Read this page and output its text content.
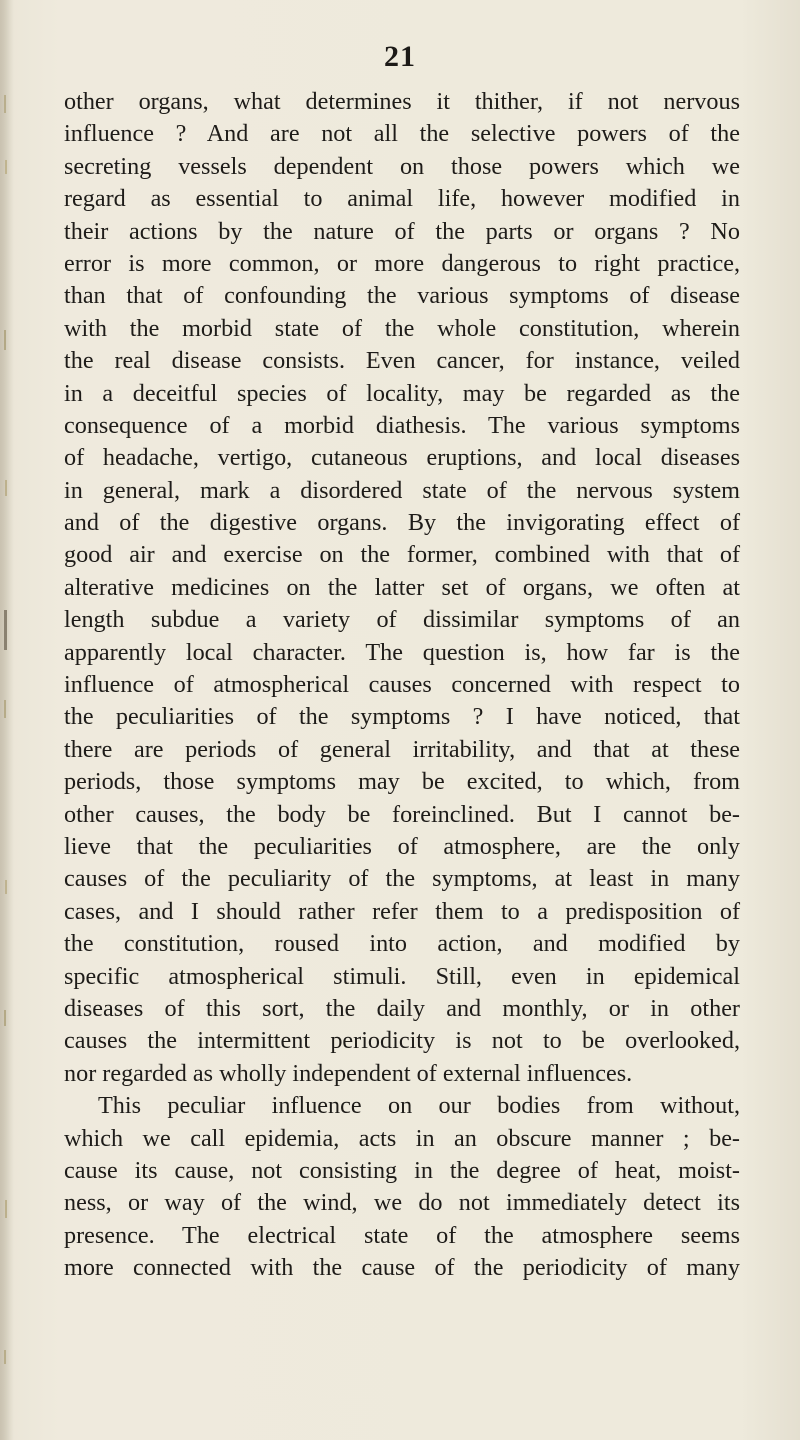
21
other organs, what determines it thither, if not nervous
influence ? And are not all the selective powers of the
secreting vessels dependent on those powers which we
regard as essential to animal life, however modified in
their actions by the nature of the parts or organs ? No
error is more common, or more dangerous to right practice,
than that of confounding the various symptoms of disease
with the morbid state of the whole constitution, wherein
the real disease consists. Even cancer, for instance, veiled
in a deceitful species of locality, may be regarded as the
consequence of a morbid diathesis. The various symptoms
of headache, vertigo, cutaneous eruptions, and local diseases
in general, mark a disordered state of the nervous system
and of the digestive organs. By the invigorating effect of
good air and exercise on the former, combined with that of
alterative medicines on the latter set of organs, we often at
length subdue a variety of dissimilar symptoms of an
apparently local character. The question is, how far is the
influence of atmospherical causes concerned with respect to
the peculiarities of the symptoms ? I have noticed, that
there are periods of general irritability, and that at these
periods, those symptoms may be excited, to which, from
other causes, the body be foreinclined. But I cannot be-
lieve that the peculiarities of atmosphere, are the only
causes of the peculiarity of the symptoms, at least in many
cases, and I should rather refer them to a predisposition of
the constitution, roused into action, and modified by
specific atmospherical stimuli. Still, even in epidemical
diseases of this sort, the daily and monthly, or in other
causes the intermittent periodicity is not to be overlooked,
nor regarded as wholly independent of external influences.
This peculiar influence on our bodies from without,
which we call epidemia, acts in an obscure manner ; be-
cause its cause, not consisting in the degree of heat, moist-
ness, or way of the wind, we do not immediately detect its
presence. The electrical state of the atmosphere seems
more connected with the cause of the periodicity of many
